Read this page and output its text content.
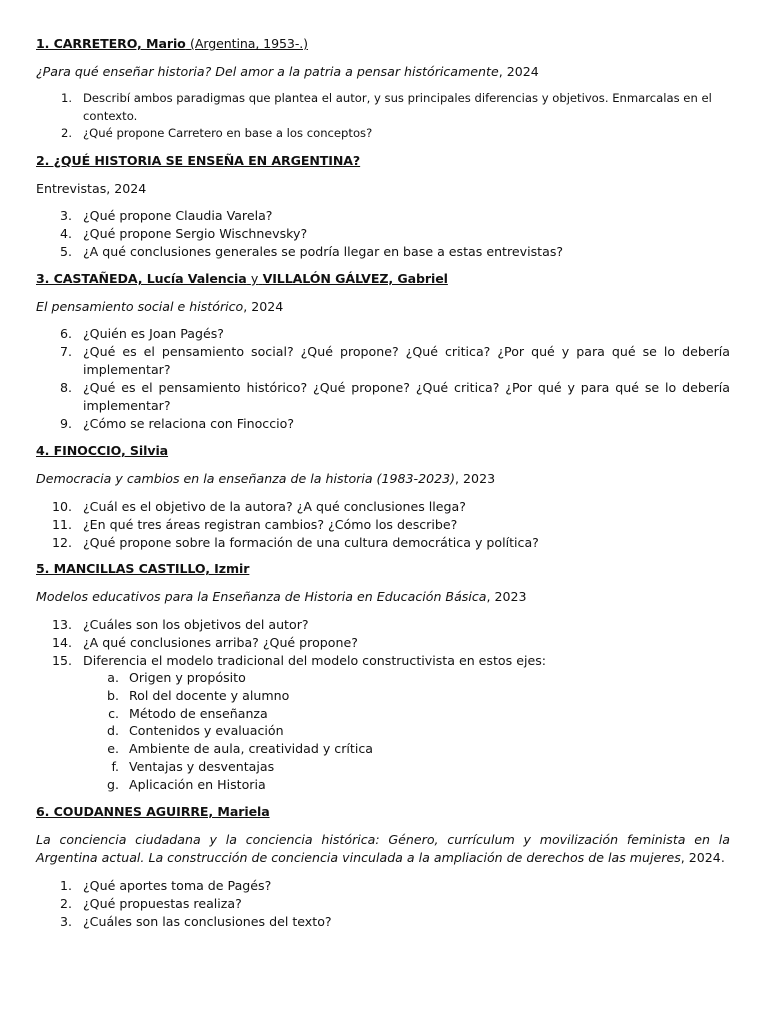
1. CARRETERO, Mario (Argentina, 1953-.)
¿Para qué enseñar historia? Del amor a la patria a pensar históricamente, 2024
1. Describí ambos paradigmas que plantea el autor, y sus principales diferencias y objetivos. Enmarcalas en el contexto.
2. ¿Qué propone Carretero en base a los conceptos?
2. ¿QUÉ HISTORIA SE ENSEÑA EN ARGENTINA?
Entrevistas, 2024
3. ¿Qué propone Claudia Varela?
4. ¿Qué propone Sergio Wischnevsky?
5. ¿A qué conclusiones generales se podría llegar en base a estas entrevistas?
3. CASTAÑEDA, Lucía Valencia y VILLALÓN GÁLVEZ, Gabriel
El pensamiento social e histórico, 2024
6. ¿Quién es Joan Pagés?
7. ¿Qué es el pensamiento social? ¿Qué propone? ¿Qué critica? ¿Por qué y para qué se lo debería implementar?
8. ¿Qué es el pensamiento histórico? ¿Qué propone? ¿Qué critica? ¿Por qué y para qué se lo debería implementar?
9. ¿Cómo se relaciona con Finoccio?
4. FINOCCIO, Silvia
Democracia y cambios en la enseñanza de la historia (1983-2023), 2023
10. ¿Cuál es el objetivo de la autora? ¿A qué conclusiones llega?
11. ¿En qué tres áreas registran cambios? ¿Cómo los describe?
12. ¿Qué propone sobre la formación de una cultura democrática y política?
5. MANCILLAS CASTILLO, Izmir
Modelos educativos para la Enseñanza de Historia en Educación Básica, 2023
13. ¿Cuáles son los objetivos del autor?
14. ¿A qué conclusiones arriba? ¿Qué propone?
15. Diferencia el modelo tradicional del modelo constructivista en estos ejes:
a. Origen y propósito
b. Rol del docente y alumno
c. Método de enseñanza
d. Contenidos y evaluación
e. Ambiente de aula, creatividad y crítica
f. Ventajas y desventajas
g. Aplicación en Historia
6. COUDANNES AGUIRRE, Mariela
La conciencia ciudadana y la conciencia histórica: Género, currículum y movilización feminista en la Argentina actual. La construcción de conciencia vinculada a la ampliación de derechos de las mujeres, 2024.
1. ¿Qué aportes toma de Pagés?
2. ¿Qué propuestas realiza?
3. ¿Cuáles son las conclusiones del texto?
